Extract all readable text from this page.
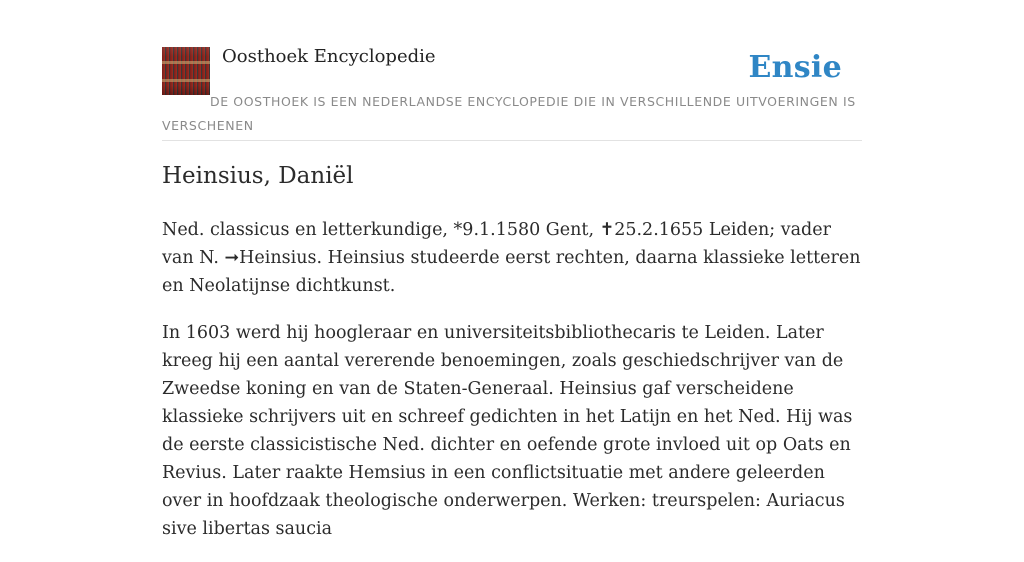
Oosthoek Encyclopedie	Ensie
DE OOSTHOEK IS EEN NEDERLANDSE ENCYCLOPEDIE DIE IN VERSCHILLENDE UITVOERINGEN IS VERSCHENEN
Heinsius, Daniël

Ned. classicus en letterkundige, *9.1.1580 Gent, ✝25.2.1655 Leiden; vader van N. ➞Heinsius. Heinsius studeerde eerst rechten, daarna klassieke letteren en Neolatijnse dichtkunst.

In 1603 werd hij hoogleraar en universiteitsbibliothecaris te Leiden. Later kreeg hij een aantal vererende benoemingen, zoals geschiedschrijver van de Zweedse koning en van de Staten-Generaal. Heinsius gaf verscheidene klassieke schrijvers uit en schreef gedichten in het Latijn en het Ned. Hij was de eerste classicistische Ned. dichter en oefende grote invloed uit op Oats en Revius. Later raakte Hemsius in een conflictsituatie met andere geleerden over in hoofdzaak theologische onderwerpen. Werken: treurspelen: Auriacus sive libertas saucia
